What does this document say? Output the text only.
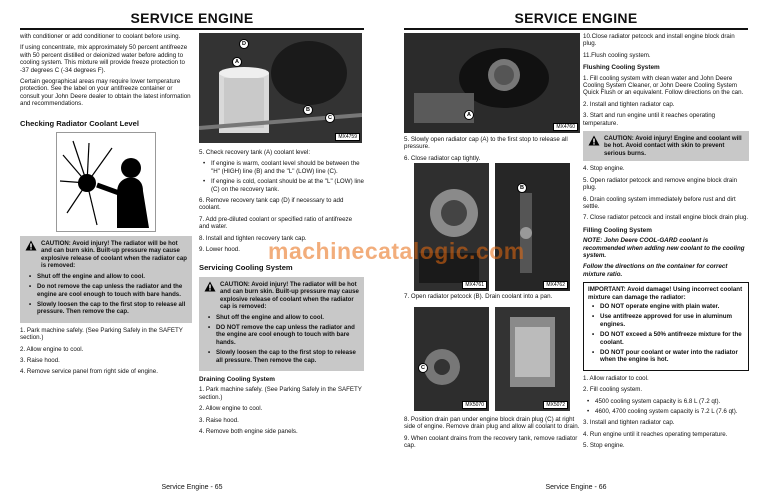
SERVICE ENGINE

with conditioner or add conditioner to coolant before using.

If using concentrate, mix approximately 50 percent antifreeze with 50 percent distilled or deionized water before adding to cooling system. This mixture will provide freeze protection to -37 degrees C (-34 degrees F).

Certain geographical areas may require lower temperature protection. See the label on your antifreeze container or consult your John Deere dealer to obtain the latest information and recommendations.

Checking Radiator Coolant Level
CAUTION: Avoid injury! The radiator will be hot and can burn skin. Built-up pressure may cause explosive release of coolant when the radiator cap is removed:
• Shut off the engine and allow to cool.
• Do not remove the cap unless the radiator and the engine are cool enough to touch with bare hands.
• Slowly loosen the cap to the first stop to release all pressure. Then remove the cap.

1. Park machine safely. (See Parking Safely in the SAFETY section.)

2. Allow engine to cool.

3. Raise hood.

4. Remove service panel from right side of engine.

D
A
B
C
MX4759

5. Check recovery tank (A) coolant level:

• If engine is warm, coolant level should be between the "H" (HIGH) line (B) and the "L" (LOW) line (C).
• If engine is cold, coolant should be at the "L" (LOW) line (C) on the recovery tank.

6. Remove recovery tank cap (D) if necessary to add coolant.

7. Add pre-diluted coolant or specified ratio of antifreeze and water.

8. Install and tighten recovery tank cap.

9. Lower hood.

Servicing Cooling System
CAUTION: Avoid injury! The radiator will be hot and can burn skin. Built-up pressure may cause explosive release of coolant when the radiator cap is removed:
• Shut off the engine and allow to cool.
• DO NOT remove the cap unless the radiator and the engine are cool enough to touch with bare hands.
• Slowly loosen the cap to the first stop to release all pressure. Then remove the cap.
Draining Cooling System

1. Park machine safely. (See Parking Safely in the SAFETY section.)

2. Allow engine to cool.

3. Raise hood.

4. Remove both engine side panels.

Service Engine - 65
SERVICE ENGINE
A
MX4760

5. Slowly open radiator cap (A) to the first stop to release all pressure.

6. Close radiator cap tightly.

MX4761
B
MX4762

7. Open radiator petcock (B). Drain coolant into a pan.

C
MX5070	MX5072

8. Position drain pan under engine block drain plug (C) at right side of engine. Remove drain plug and allow all coolant to drain.

9. When coolant drains from the recovery tank, remove radiator cap.

10.Close radiator petcock and install engine block drain plug.

11.Flush cooling system.

Flushing Cooling System

1. Fill cooling system with clean water and John Deere Cooling System Cleaner, or John Deere Cooling System Quick Flush or an equivalent. Follow directions on the can.

2. Install and tighten radiator cap.

3. Start and run engine until it reaches operating temperature.

CAUTION: Avoid injury! Engine and coolant will be hot. Avoid contact with skin to prevent serious burns.

4. Stop engine.

5. Open radiator petcock and remove engine block drain plug.

6. Drain cooling system immediately before rust and dirt settle.

7. Close radiator petcock and install engine block drain plug.

Filling Cooling System

NOTE: John Deere COOL-GARD coolant is recommended when adding new coolant to the cooling system.

Follow the directions on the container for correct mixture ratio.

IMPORTANT: Avoid damage! Using incorrect coolant mixture can damage the radiator:

• DO NOT operate engine with plain water.
• Use antifreeze approved for use in aluminum engines.
• DO NOT exceed a 50% antifreeze mixture for the coolant.
• DO NOT pour coolant or water into the radiator when the engine is hot.

1. Allow radiator to cool.

2. Fill cooling system.

• 4500 cooling system capacity is 6.8 L (7.2 qt).
• 4600, 4700 cooling system capacity is 7.2 L (7.6 qt).

3. Install and tighten radiator cap.

4. Run engine until it reaches operating temperature.

5. Stop engine.

Service Engine - 66
machinecatalogic.com
